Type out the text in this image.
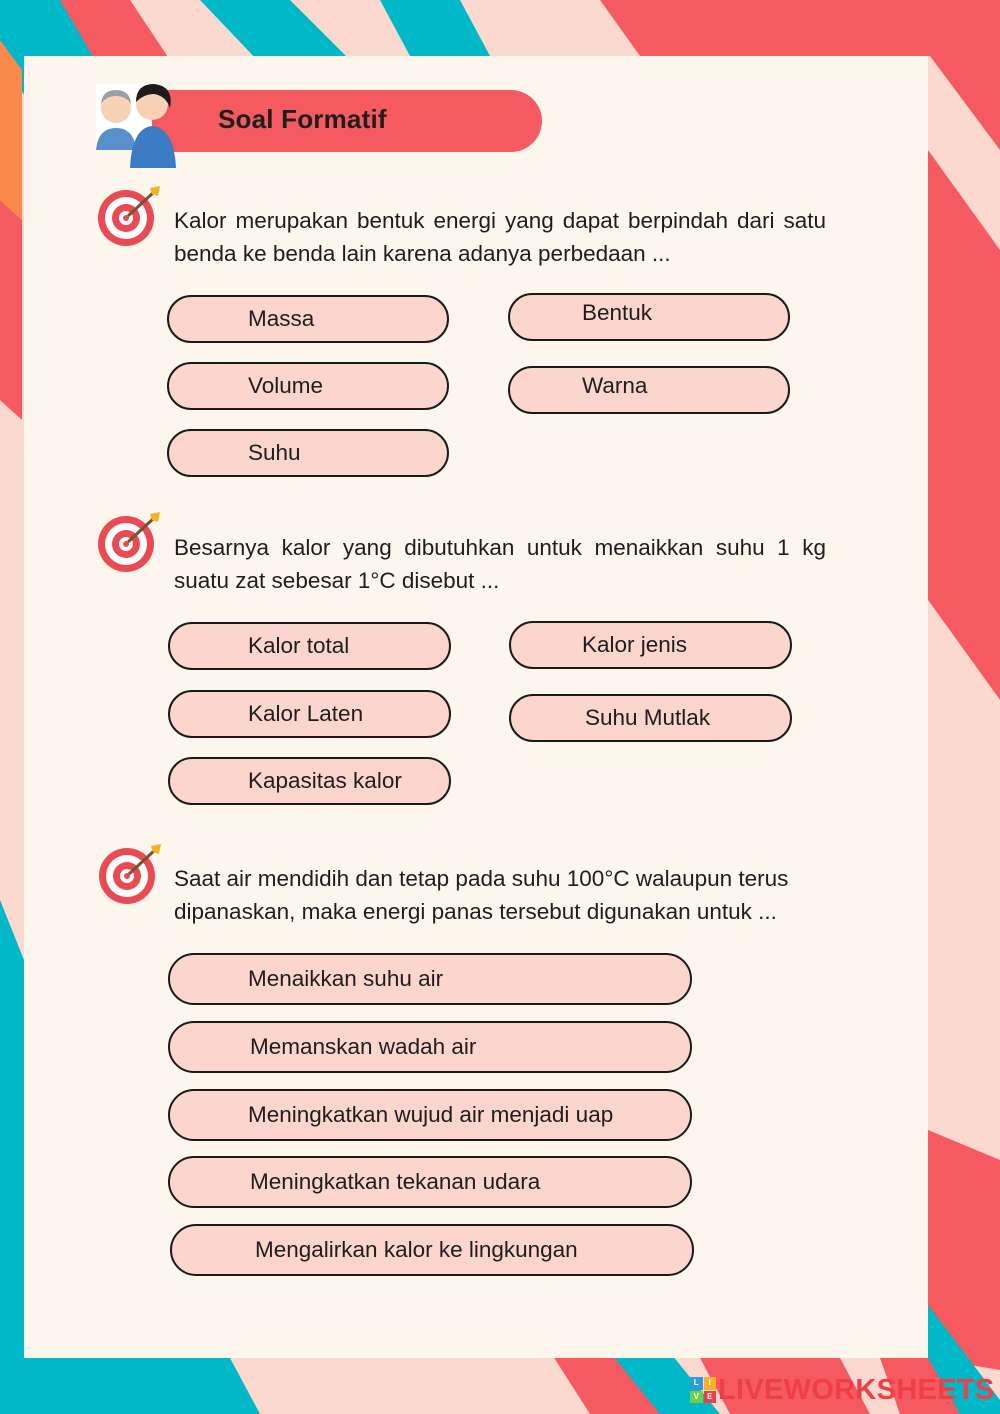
Soal Formatif
Kalor merupakan bentuk energi yang dapat berpindah dari satu benda ke benda lain karena adanya perbedaan ...
Massa	Bentuk
Volume	Warna
Suhu
Besarnya kalor yang dibutuhkan untuk menaikkan suhu 1 kg suatu zat sebesar 1°C disebut ...
Kalor total	Kalor jenis
Kalor Laten	Suhu Mutlak
Kapasitas kalor
Saat air mendidih dan tetap pada suhu 100°C walaupun terus dipanaskan, maka energi panas tersebut digunakan untuk ...
Menaikkan suhu air
Memanskan wadah air
Meningkatkan wujud air menjadi uap
Meningkatkan tekanan udara
Mengalirkan kalor ke lingkungan
L	I
V	E LIVEWORKSHEETS
